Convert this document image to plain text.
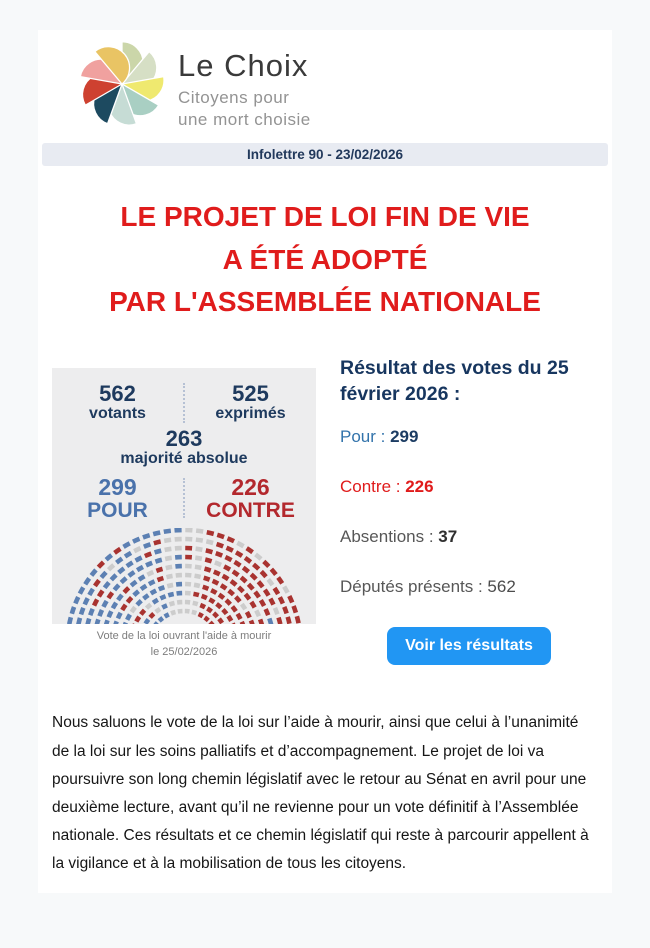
Le Choix
Citoyens pour
une mort choisie
Infolettre 90 - 23/02/2026
LE PROJET DE LOI FIN DE VIE
A ÉTÉ ADOPTÉ
PAR L'ASSEMBLÉE NATIONALE
562
votants
525
exprimés
263
majorité absolue
299
POUR
226
CONTRE
Vote de la loi ouvrant l'aide à mourir
le 25/02/2026
Résultat des votes du 25 février 2026 :
Pour : 299
Contre : 226
Absentions : 37
Députés présents : 562
Voir les résultats

Nous saluons le vote de la loi sur l’aide à mourir, ainsi que celui à l’unanimité de la loi sur les soins palliatifs et d’accompagnement. Le projet de loi va poursuivre son long chemin législatif avec le retour au Sénat en avril pour une deuxième lecture, avant qu’il ne revienne pour un vote définitif à l’Assemblée nationale. Ces résultats et ce chemin législatif qui reste à parcourir appellent à la vigilance et à la mobilisation de tous les citoyens.
